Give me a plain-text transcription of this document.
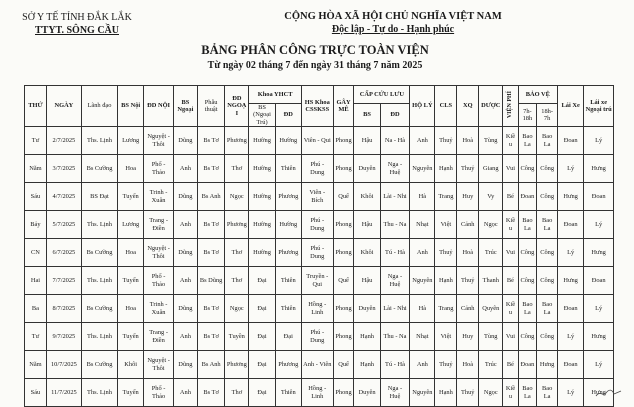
SỞ Y TẾ TỈNH ĐẮK LẮK
TTYT. SÔNG CẦU
CỘNG HÒA XÃ HỘI CHỦ NGHĨA VIỆT NAM
Độc lập - Tự do - Hạnh phúc
BẢNG PHÂN CÔNG TRỰC TOÀN VIỆN
Từ ngày 02 tháng 7 đến ngày 31 tháng 7 năm 2025
THỨ	NGÀY	Lãnh đạo	BS Nội	ĐD NỘI	BS Ngoại	Phẫu thuật	ĐD NGOẠI	Khoa YHCT		HS Khoa CSSKSS	GÂY MÊ	CẤP CỨU LƯU		HỘ LÝ	CLS	XQ	DƯỢC	VIỆN PHÍ	BẢO VỆ		Lái Xe	Lái xe Ngoại trú
								BS (Ngoại Trú)	ĐD			BS	ĐD						7h-18h	18h-7h		
Tư	2/7/2025	Ths. Lịnh	Lương	Nguyệt - Thôi	Dũng	Bs Tơ	Phương	Hường	Hường	Viên - Qui	Phong	Hậu	Na - Hà	Anh	Thuỷ	Hoà	Tùng	Kiều	Bao La	Bao La	Đoan	Lý
Năm	3/7/2025	Bs Cường	Hoa	Phố - Thảo	Anh	Bs Tơ	Thơ	Hường	Thiên	Phú - Dung	Phong	Duyên	Nga - Huệ	Nguyên	Hạnh	Thuỷ	Giang	Vui	Công	Công	Lý	Hưng
Sáu	4/7/2025	BS Đạt	Tuyến	Trinh - Xuân	Dũng	Bs Anh	Ngọc	Hường	Phương	Viên - Bích	Quế	Khôi	Lài - Nhi	Hà	Trang	Huy	Vy	Bé	Đoan	Công	Hưng	Đoan
Bảy	5/7/2025	Ths. Lịnh	Lương	Trang - Điền	Anh	Bs Tơ	Phương	Hường	Hường	Phú - Dung	Phong	Hậu	Thu - Na	Nhạt	Việt	Cảnh	Ngọc	Kiều	Bao La	Bao La	Đoan	Lý
CN	6/7/2025	Bs Cường	Hoa	Nguyệt - Thôi	Dũng	Bs Tơ	Thơ	Hường	Phương	Phú - Dung	Phong	Khôi	Tú - Hà	Anh	Thuỷ	Hoà	Trúc	Vui	Công	Công	Lý	Hưng
Hai	7/7/2025	Ths. Lịnh	Tuyến	Phố - Thảo	Anh	Bs Dũng	Thơ	Đại	Thiên	Truyền - Qui	Quế	Hậu	Nga - Huệ	Nguyên	Hạnh	Thuỷ	Thanh	Bé	Công	Công	Hưng	Đoan
Ba	8/7/2025	Bs Cường	Hoa	Trinh - Xuân	Dũng	Bs Tơ	Ngọc	Đại	Thiên	Hồng - Linh	Phong	Duyên	Lài - Nhi	Hà	Trang	Cảnh	Quyên	Kiều	Bao La	Bao La	Đoan	Lý
Tư	9/7/2025	Ths. Lịnh	Tuyến	Trang - Điền	Anh	Bs Tơ	Tuyền	Đại	Đại	Phú - Dung	Phong	Hạnh	Thu - Na	Nhạt	Việt	Huy	Tùng	Vui	Công	Công	Lý	Hưng
Năm	10/7/2025	Bs Cường	Khôi	Nguyệt - Thôi	Dũng	Bs Anh	Phương	Đại	Phương	Anh - Viên	Quế	Hạnh	Tú - Hà	Anh	Thuỷ	Hoà	Trúc	Bé	Đoan	Hưng	Đoan	Lý
Sáu	11/7/2025	Ths. Lịnh	Tuyến	Phố - Thảo	Anh	Bs Tơ	Thơ	Đại	Thiên	Hồng - Linh	Phong	Duyên	Nga - Huệ	Nguyên	Hạnh	Thuỷ	Ngọc	Kiều	Bao La	Bao La	Lý	Hưng
